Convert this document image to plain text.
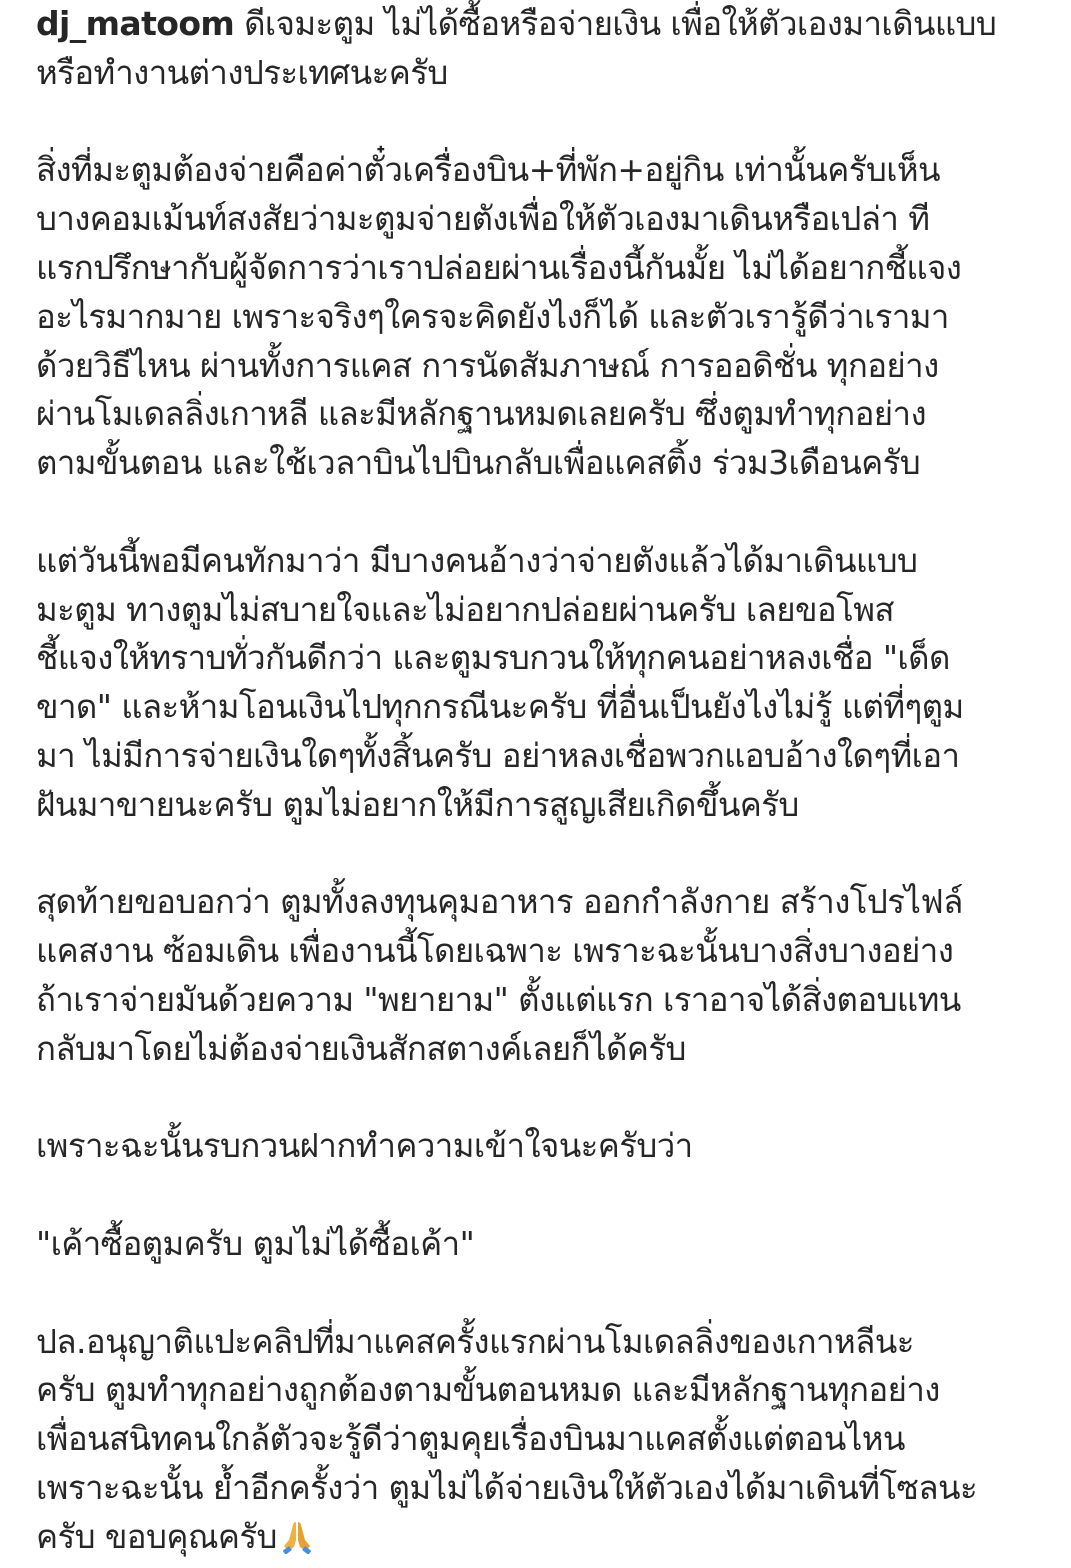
dj_matoom ดีเจมะตูม ไม่ได้ซื้อหรือจ่ายเงิน เพื่อให้ตัวเองมาเดินแบบ
หรือทำงานต่างประเทศนะครับ
สิ่งที่มะตูมต้องจ่ายคือค่าตั๋วเครื่องบิน+ที่พัก+อยู่กิน เท่านั้นครับเห็น
บางคอมเม้นท์สงสัยว่ามะตูมจ่ายตังเพื่อให้ตัวเองมาเดินหรือเปล่า ที
แรกปรึกษากับผู้จัดการว่าเราปล่อยผ่านเรื่องนี้กันมั้ย ไม่ได้อยากชี้แจง
อะไรมากมาย เพราะจริงๆใครจะคิดยังไงก็ได้ และตัวเรารู้ดีว่าเรามา
ด้วยวิธีไหน ผ่านทั้งการแคส การนัดสัมภาษณ์ การออดิชั่น ทุกอย่าง
ผ่านโมเดลลิ่งเกาหลี และมีหลักฐานหมดเลยครับ ซึ่งตูมทำทุกอย่าง
ตามขั้นตอน และใช้เวลาบินไปบินกลับเพื่อแคสติ้ง ร่วม3เดือนครับ
แต่วันนี้พอมีคนทักมาว่า มีบางคนอ้างว่าจ่ายตังแล้วได้มาเดินแบบ
มะตูม ทางตูมไม่สบายใจและไม่อยากปล่อยผ่านครับ เลยขอโพส
ชี้แจงให้ทราบทั่วกันดีกว่า และตูมรบกวนให้ทุกคนอย่าหลงเชื่อ "เด็ด
ขาด" และห้ามโอนเงินไปทุกกรณีนะครับ ที่อื่นเป็นยังไงไม่รู้ แต่ที่ๆตูม
มา ไม่มีการจ่ายเงินใดๆทั้งสิ้นครับ อย่าหลงเชื่อพวกแอบอ้างใดๆที่เอา
ฝันมาขายนะครับ ตูมไม่อยากให้มีการสูญเสียเกิดขึ้นครับ
สุดท้ายขอบอกว่า ตูมทั้งลงทุนคุมอาหาร ออกกำลังกาย สร้างโปรไฟล์
แคสงาน ซ้อมเดิน เพื่องานนี้โดยเฉพาะ เพราะฉะนั้นบางสิ่งบางอย่าง
ถ้าเราจ่ายมันด้วยความ "พยายาม" ตั้งแต่แรก เราอาจได้สิ่งตอบแทน
กลับมาโดยไม่ต้องจ่ายเงินสักสตางค์เลยก็ได้ครับ
เพราะฉะนั้นรบกวนฝากทำความเข้าใจนะครับว่า
"เค้าซื้อตูมครับ ตูมไม่ได้ซื้อเค้า"
ปล.อนุญาติแปะคลิปที่มาแคสครั้งแรกผ่านโมเดลลิ่งของเกาหลีนะ
ครับ ตูมทำทุกอย่างถูกต้องตามขั้นตอนหมด และมีหลักฐานทุกอย่าง
เพื่อนสนิทคนใกล้ตัวจะรู้ดีว่าตูมคุยเรื่องบินมาแคสตั้งแต่ตอนไหน
เพราะฉะนั้น ย้ำอีกครั้งว่า ตูมไม่ได้จ่ายเงินให้ตัวเองได้มาเดินที่โซลนะ
ครับ ขอบคุณครับ
